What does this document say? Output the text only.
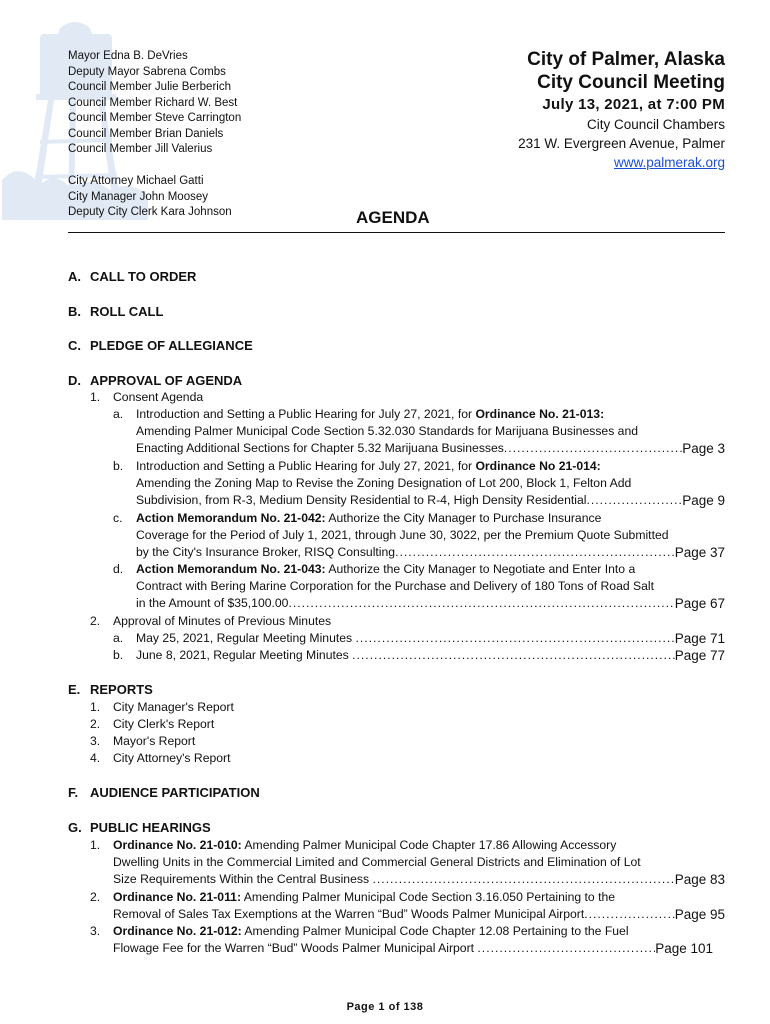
Mayor Edna B. DeVries
Deputy Mayor Sabrena Combs
Council Member Julie Berberich
Council Member Richard W. Best
Council Member Steve Carrington
Council Member Brian Daniels
Council Member Jill Valerius
City Attorney Michael Gatti
City Manager John Moosey
Deputy City Clerk Kara Johnson
City of Palmer, Alaska
City Council Meeting
July 13, 2021, at 7:00 PM
City Council Chambers
231 W. Evergreen Avenue, Palmer
www.palmerak.org
AGENDA
A. CALL TO ORDER
B. ROLL CALL
C. PLEDGE OF ALLEGIANCE
D. APPROVAL OF AGENDA
1.	Consent Agenda
a.	Introduction and Setting a Public Hearing for July 27, 2021, for Ordinance No. 21-013:
Amending Palmer Municipal Code Section 5.32.030 Standards for Marijuana Businesses and
Enacting Additional Sections for Chapter 5.32 Marijuana Businesses .....	Page 3
b.	Introduction and Setting a Public Hearing for July 27, 2021, for Ordinance No 21-014:
Amending the Zoning Map to Revise the Zoning Designation of Lot 200, Block 1, Felton Add
Subdivision, from R-3, Medium Density Residential to R-4, High Density Residential .....	Page 9
c.	Action Memorandum No. 21-042: Authorize the City Manager to Purchase Insurance
Coverage for the Period of July 1, 2021, through June 30, 3022, per the Premium Quote Submitted
by the City's Insurance Broker, RISQ Consulting .....	Page 37
d.	Action Memorandum No. 21-043: Authorize the City Manager to Negotiate and Enter Into a
Contract with Bering Marine Corporation for the Purchase and Delivery of 180 Tons of Road Salt
in the Amount of $35,100.00 .....	Page 67
2.	Approval of Minutes of Previous Minutes
a.	May 25, 2021, Regular Meeting Minutes
.....	Page 71
b.	June 8, 2021, Regular Meeting Minutes
.....	Page 77
E. REPORTS
1.	City Manager's Report
2.	City Clerk's Report
3.	Mayor's Report
4.	City Attorney's Report
F. AUDIENCE PARTICIPATION
G. PUBLIC HEARINGS
1.	Ordinance No. 21-010: Amending Palmer Municipal Code Chapter 17.86 Allowing Accessory
Dwelling Units in the Commercial Limited and Commercial General Districts and Elimination of Lot
Size Requirements Within the Central Business
.....	Page 83
2.	Ordinance No. 21-011: Amending Palmer Municipal Code Section 3.16.050 Pertaining to the
Removal of Sales Tax Exemptions at the Warren “Bud” Woods Palmer Municipal Airport .....	Page 95
3.	Ordinance No. 21-012: Amending Palmer Municipal Code Chapter 12.08 Pertaining to the Fuel
Flowage Fee for the Warren “Bud” Woods Palmer Municipal Airport
.....	Page 101
Page 1 of 138
